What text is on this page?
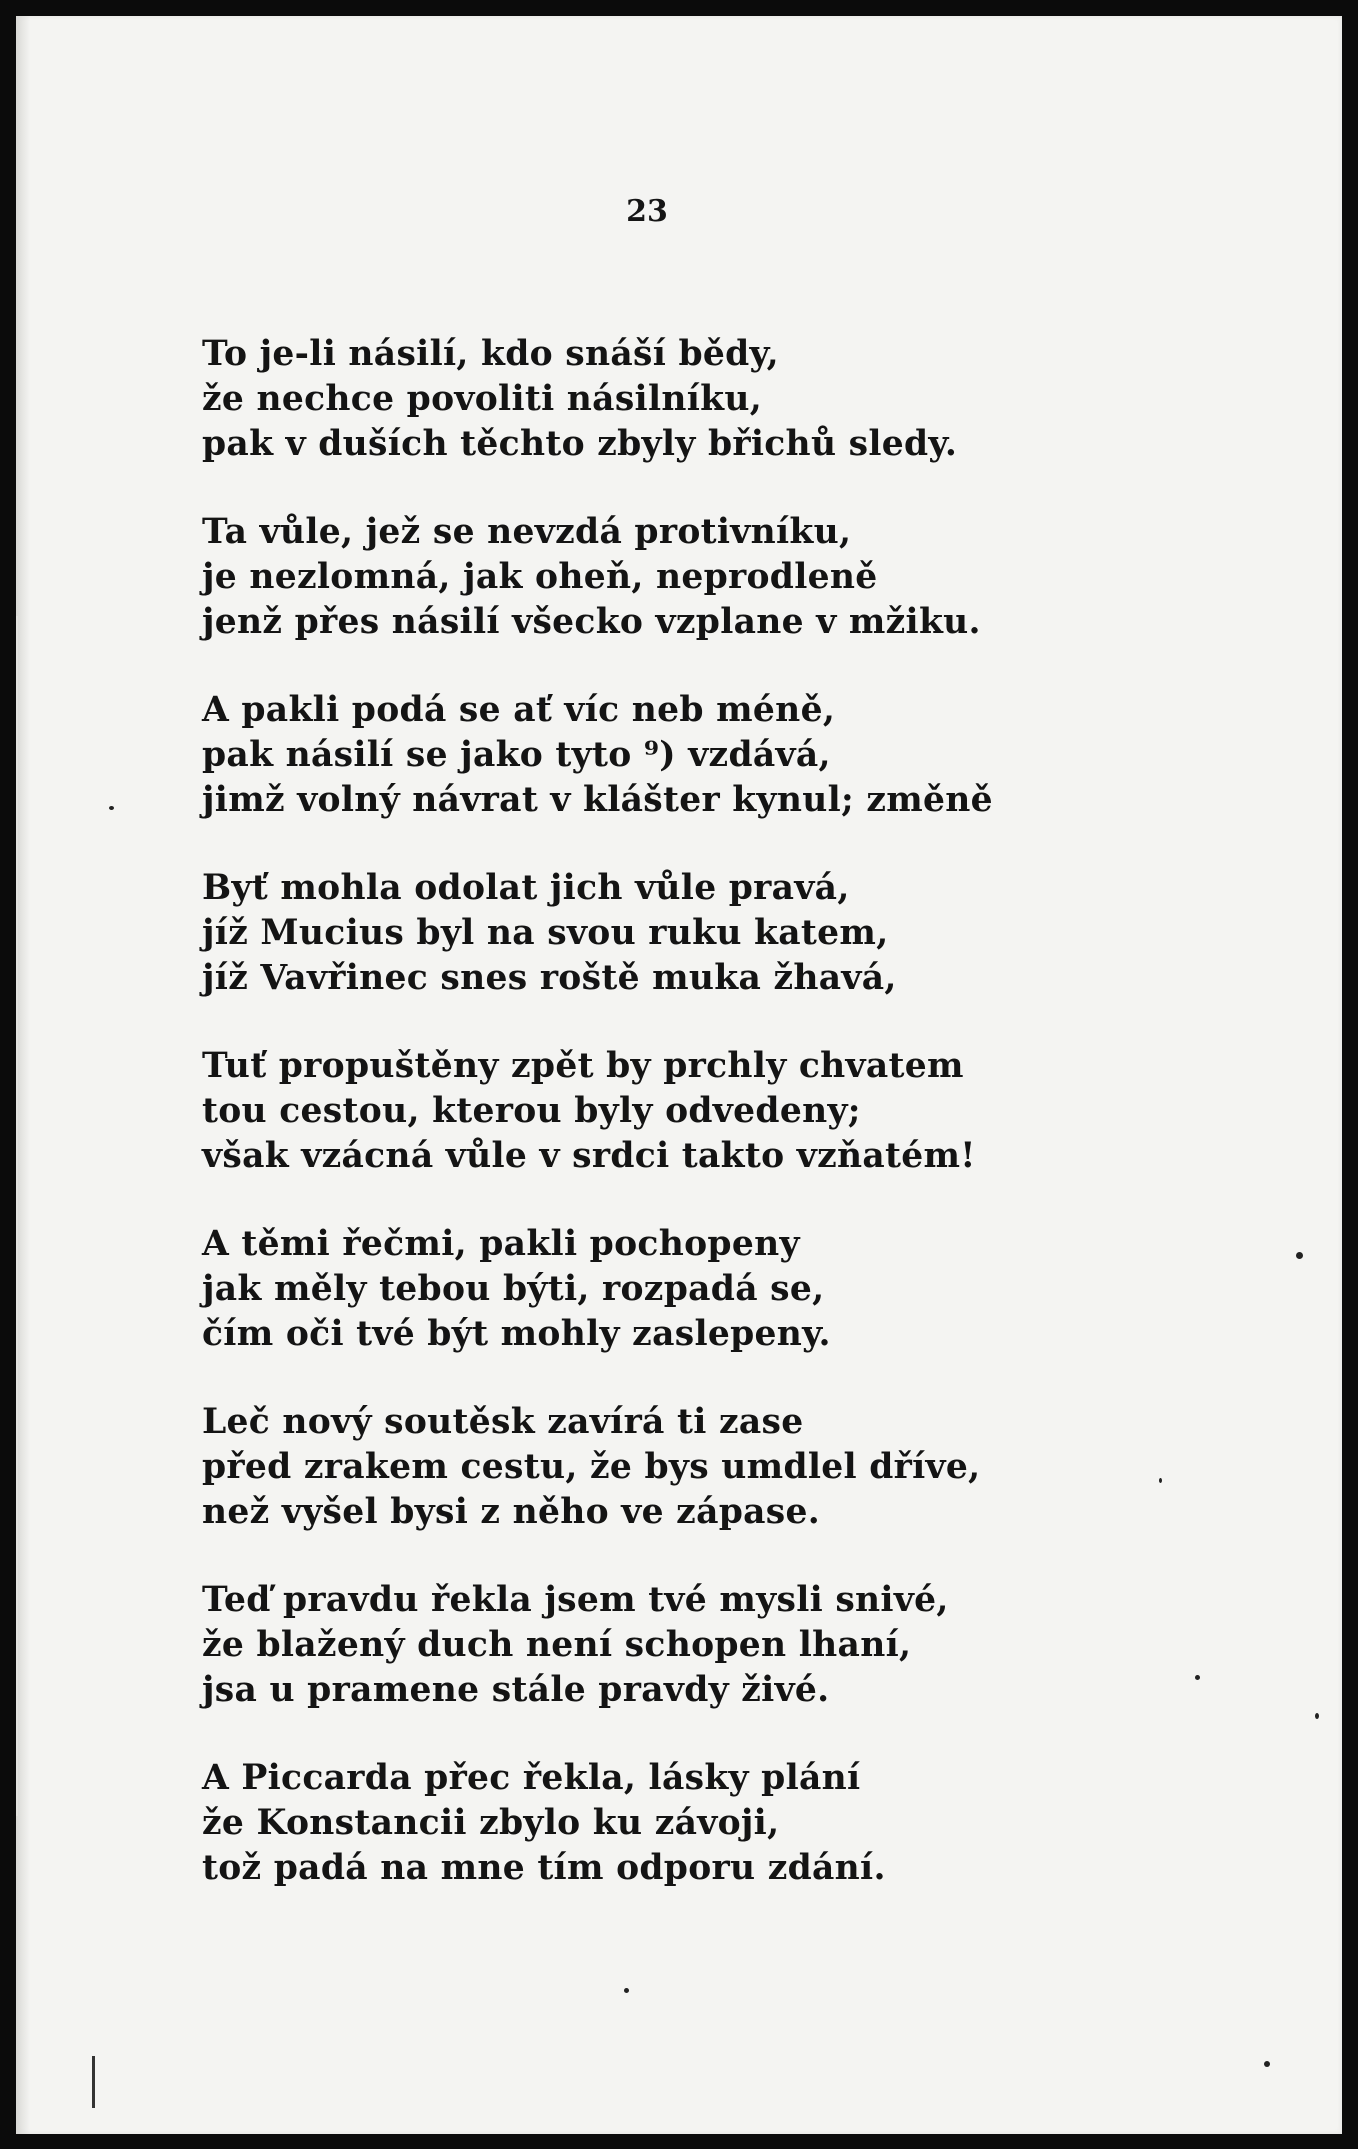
23
To je-li násilí, kdo snáší bědy,
že nechce povoliti násilníku,
pak v duších těchto zbyly břichů sledy.
Ta vůle, jež se nevzdá protivníku,
je nezlomná, jak oheň, neprodleně
jenž přes násilí všecko vzplane v mžiku.
A pakli podá se ať víc neb méně,
pak násilí se jako tyto ⁹) vzdává,
jimž volný návrat v klášter kynul; změně
Byť mohla odolat jich vůle pravá,
jíž Mucius byl na svou ruku katem,
jíž Vavřinec snes roště muka žhavá,
Tuť propuštěny zpět by prchly chvatem
tou cestou, kterou byly odvedeny;
však vzácná vůle v srdci takto vzňatém!
A těmi řečmi, pakli pochopeny
jak měly tebou býti, rozpadá se,
čím oči tvé být mohly zaslepeny.
Leč nový soutěsk zavírá ti zase
před zrakem cestu, že bys umdlel dříve,
než vyšel bysi z něho ve zápase.
Teď pravdu řekla jsem tvé mysli snivé,
že blažený duch není schopen lhaní,
jsa u pramene stále pravdy živé.
A Piccarda přec řekla, lásky plání
že Konstancii zbylo ku závoji,
tož padá na mne tím odporu zdání.
